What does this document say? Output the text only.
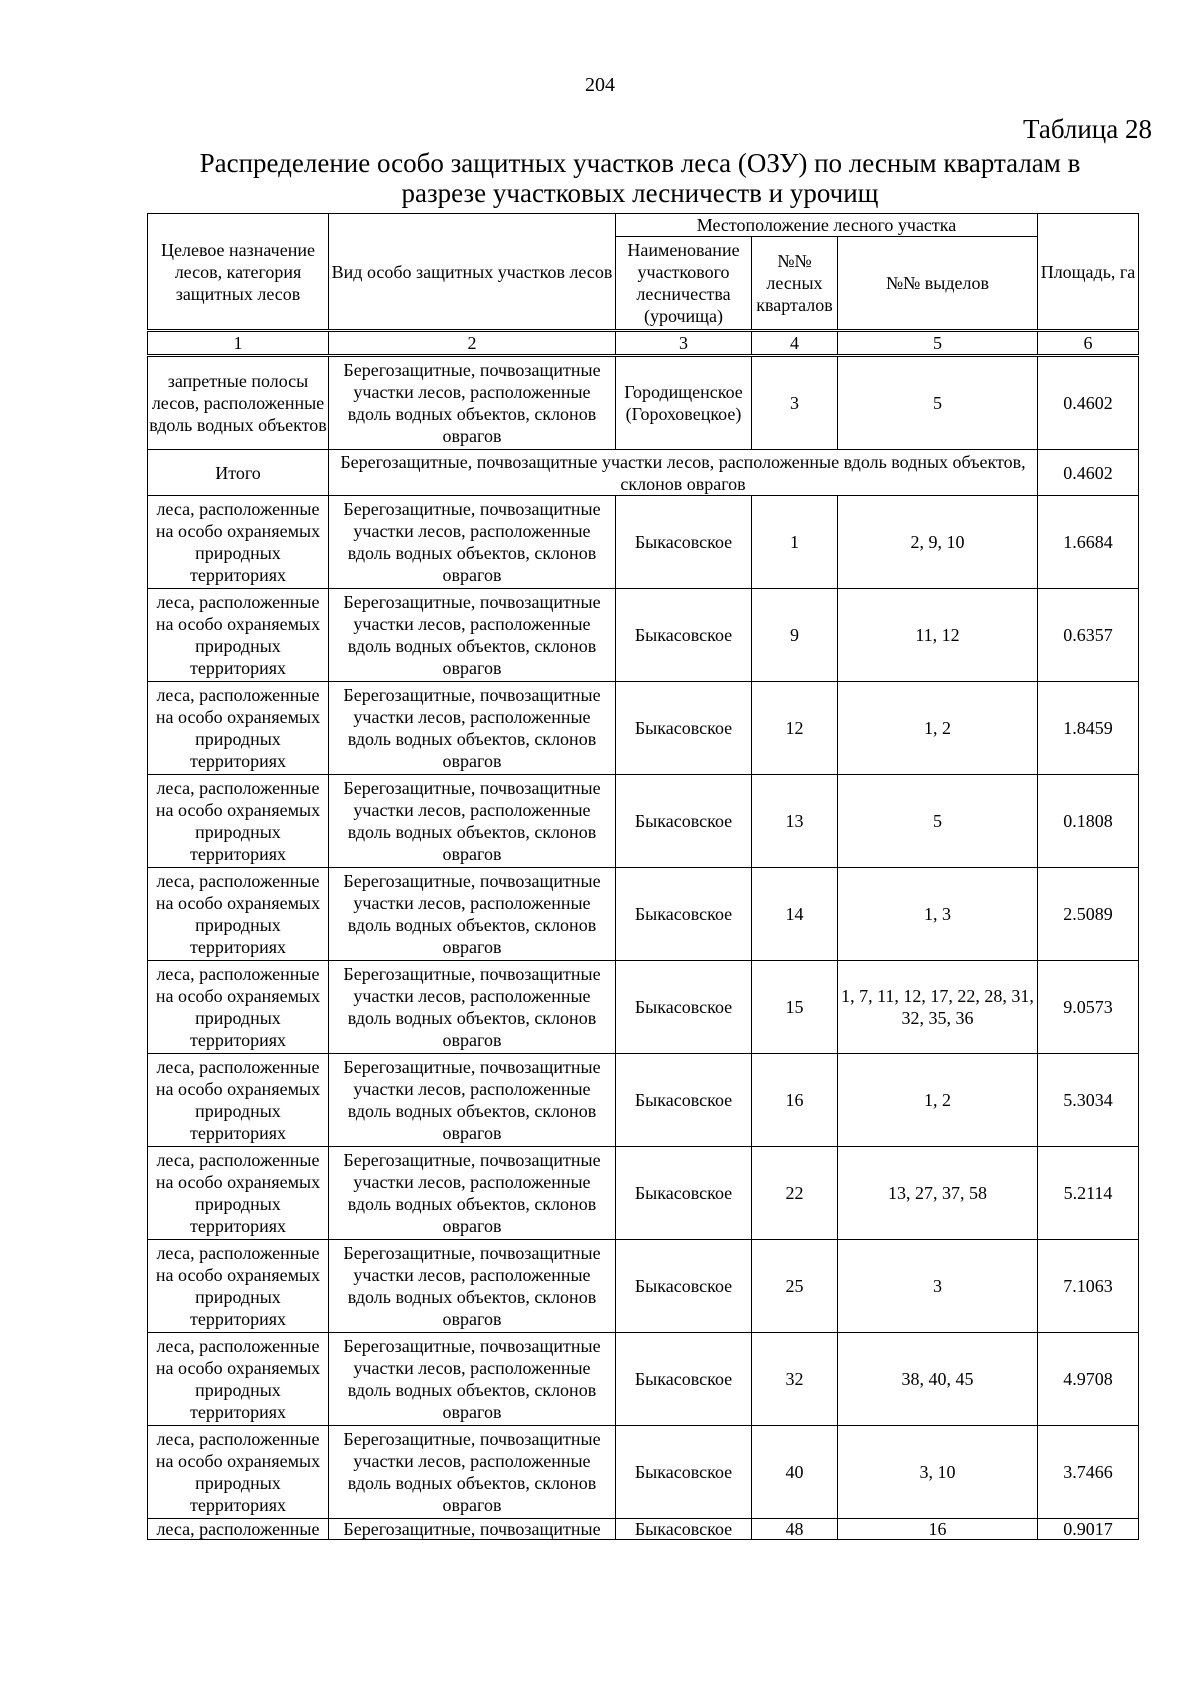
204
Таблица 28
Распределение особо защитных участков леса (ОЗУ) по лесным кварталам в
разрезе участковых лесничеств и урочищ
Целевое назначение лесов, категория защитных лесов	Вид особо защитных участков лесов	Местоположение лесного участка			Площадь, га
		Наименование участкового лесничества (урочища)	№№ лесных кварталов	№№ выделов	
1	2	3	4	5	6
запретные полосы лесов, расположенные вдоль водных объектов	Берегозащитные, почвозащитные участки лесов, расположенные вдоль водных объектов, склонов оврагов	Городищенское (Гороховецкое)	3	5	0.4602
Итого	Берегозащитные, почвозащитные участки лесов, расположенные вдоль водных объектов, склонов оврагов				0.4602
леса, расположенные на особо охраняемых природных территориях	Берегозащитные, почвозащитные участки лесов, расположенные вдоль водных объектов, склонов оврагов	Быкасовское	1	2, 9, 10	1.6684
леса, расположенные на особо охраняемых природных территориях	Берегозащитные, почвозащитные участки лесов, расположенные вдоль водных объектов, склонов оврагов	Быкасовское	9	11, 12	0.6357
леса, расположенные на особо охраняемых природных территориях	Берегозащитные, почвозащитные участки лесов, расположенные вдоль водных объектов, склонов оврагов	Быкасовское	12	1, 2	1.8459
леса, расположенные на особо охраняемых природных территориях	Берегозащитные, почвозащитные участки лесов, расположенные вдоль водных объектов, склонов оврагов	Быкасовское	13	5	0.1808
леса, расположенные на особо охраняемых природных территориях	Берегозащитные, почвозащитные участки лесов, расположенные вдоль водных объектов, склонов оврагов	Быкасовское	14	1, 3	2.5089
леса, расположенные на особо охраняемых природных территориях	Берегозащитные, почвозащитные участки лесов, расположенные вдоль водных объектов, склонов оврагов	Быкасовское	15	1, 7, 11, 12, 17, 22, 28, 31, 32, 35, 36	9.0573
леса, расположенные на особо охраняемых природных территориях	Берегозащитные, почвозащитные участки лесов, расположенные вдоль водных объектов, склонов оврагов	Быкасовское	16	1, 2	5.3034
леса, расположенные на особо охраняемых природных территориях	Берегозащитные, почвозащитные участки лесов, расположенные вдоль водных объектов, склонов оврагов	Быкасовское	22	13, 27, 37, 58	5.2114
леса, расположенные на особо охраняемых природных территориях	Берегозащитные, почвозащитные участки лесов, расположенные вдоль водных объектов, склонов оврагов	Быкасовское	25	3	7.1063
леса, расположенные на особо охраняемых природных территориях	Берегозащитные, почвозащитные участки лесов, расположенные вдоль водных объектов, склонов оврагов	Быкасовское	32	38, 40, 45	4.9708
леса, расположенные на особо охраняемых природных территориях	Берегозащитные, почвозащитные участки лесов, расположенные вдоль водных объектов, склонов оврагов	Быкасовское	40	3, 10	3.7466
леса, расположенные	Берегозащитные, почвозащитные	Быкасовское	48	16	0.9017
